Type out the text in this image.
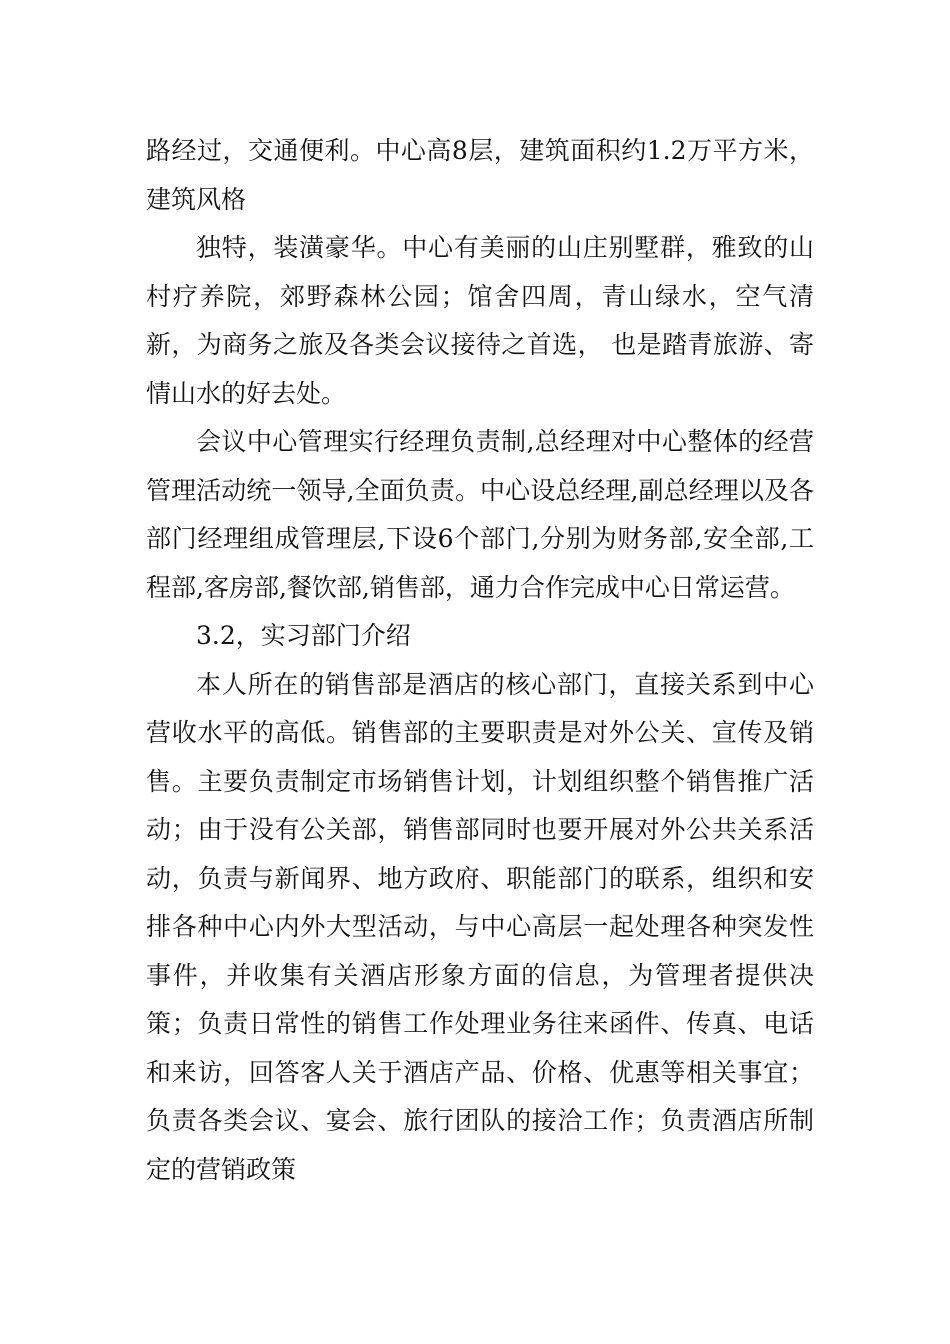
路经过，交通便利。中心高8层，建筑面积约1.2万平方米，建筑风格

独特，装潢豪华。中心有美丽的山庄别墅群，雅致的山村疗养院，郊野森林公园；馆舍四周，青山绿水，空气清新，为商务之旅及各类会议接待之首选， 也是踏青旅游、寄情山水的好去处。

会议中心管理实行经理负责制,总经理对中心整体的经营管理活动统一领导,全面负责。中心设总经理,副总经理以及各部门经理组成管理层,下设6个部门,分别为财务部,安全部,工程部,客房部,餐饮部,销售部，通力合作完成中心日常运营。

3.2，实习部门介绍

本人所在的销售部是酒店的核心部门，直接关系到中心营收水平的高低。销售部的主要职责是对外公关、宣传及销售。主要负责制定市场销售计划，计划组织整个销售推广活动；由于没有公关部，销售部同时也要开展对外公共关系活动，负责与新闻界、地方政府、职能部门的联系，组织和安排各种中心内外大型活动，与中心高层一起处理各种突发性事件，并收集有关酒店形象方面的信息，为管理者提供决策；负责日常性的销售工作处理业务往来函件、传真、电话和来访，回答客人关于酒店产品、价格、优惠等相关事宜；负责各类会议、宴会、旅行团队的接洽工作；负责酒店所制定的营销政策
